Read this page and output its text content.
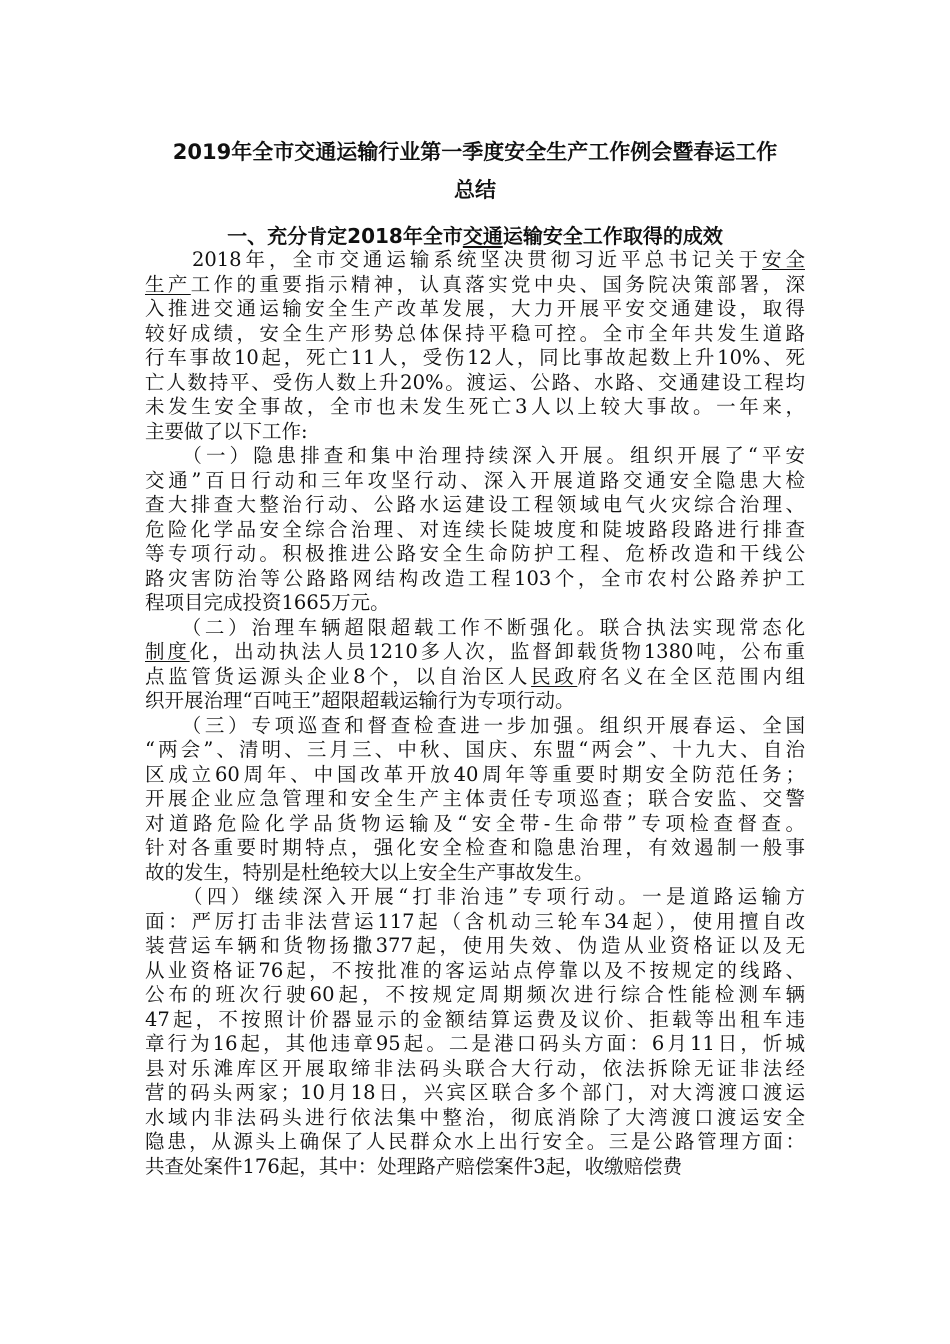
2019年全市交通运输行业第一季度安全生产工作例会暨春运工作
总结
一、充分肯定2018年全市交通运输安全工作取得的成效
　　2018年，全市交通运输系统坚决贯彻习近平总书记关于安全
生产工作的重要指示精神，认真落实党中央、国务院决策部署，深
入推进交通运输安全生产改革发展，大力开展平安交通建设，取得
较好成绩，安全生产形势总体保持平稳可控。全市全年共发生道路
行车事故10起，死亡11人，受伤12人，同比事故起数上升10%、死
亡人数持平、受伤人数上升20%。渡运、公路、水路、交通建设工程均
未发生安全事故，全市也未发生死亡3人以上较大事故。一年来，
主要做了以下工作:
　　（一）隐患排查和集中治理持续深入开展。组织开展了“平安
交通”百日行动和三年攻坚行动、深入开展道路交通安全隐患大检
查大排查大整治行动、公路水运建设工程领域电气火灾综合治理、
危险化学品安全综合治理、对连续长陡坡度和陡坡路段路进行排查
等专项行动。积极推进公路安全生命防护工程、危桥改造和干线公
路灾害防治等公路路网结构改造工程103个，全市农村公路养护工
程项目完成投资1665万元。
　　（二）治理车辆超限超载工作不断强化。联合执法实现常态化
制度化，出动执法人员1210多人次，监督卸载货物1380吨，公布重
点监管货运源头企业8个，以自治区人民政府名义在全区范围内组
织开展治理“百吨王”超限超载运输行为专项行动。
　　（三）专项巡查和督查检查进一步加强。组织开展春运、全国
“两会”、清明、三月三、中秋、国庆、东盟“两会”、十九大、自治
区成立60周年、中国改革开放40周年等重要时期安全防范任务；
开展企业应急管理和安全生产主体责任专项巡查；联合安监、交警
对道路危险化学品货物运输及“安全带-生命带”专项检查督查。
针对各重要时期特点，强化安全检查和隐患治理，有效遏制一般事
故的发生，特别是杜绝较大以上安全生产事故发生。
　　（四）继续深入开展“打非治违”专项行动。一是道路运输方
面：严厉打击非法营运117起（含机动三轮车34起），使用擅自改
装营运车辆和货物扬撒377起，使用失效、伪造从业资格证以及无
从业资格证76起，不按批准的客运站点停靠以及不按规定的线路、
公布的班次行驶60起，不按规定周期频次进行综合性能检测车辆
47起，不按照计价器显示的金额结算运费及议价、拒载等出租车违
章行为16起，其他违章95起。二是港口码头方面：6月11日，忻城
县对乐滩库区开展取缔非法码头联合大行动，依法拆除无证非法经
营的码头两家；10月18日，兴宾区联合多个部门，对大湾渡口渡运
水域内非法码头进行依法集中整治，彻底消除了大湾渡口渡运安全
隐患，从源头上确保了人民群众水上出行安全。三是公路管理方面：
共查处案件176起，其中：处理路产赔偿案件3起，收缴赔偿费
